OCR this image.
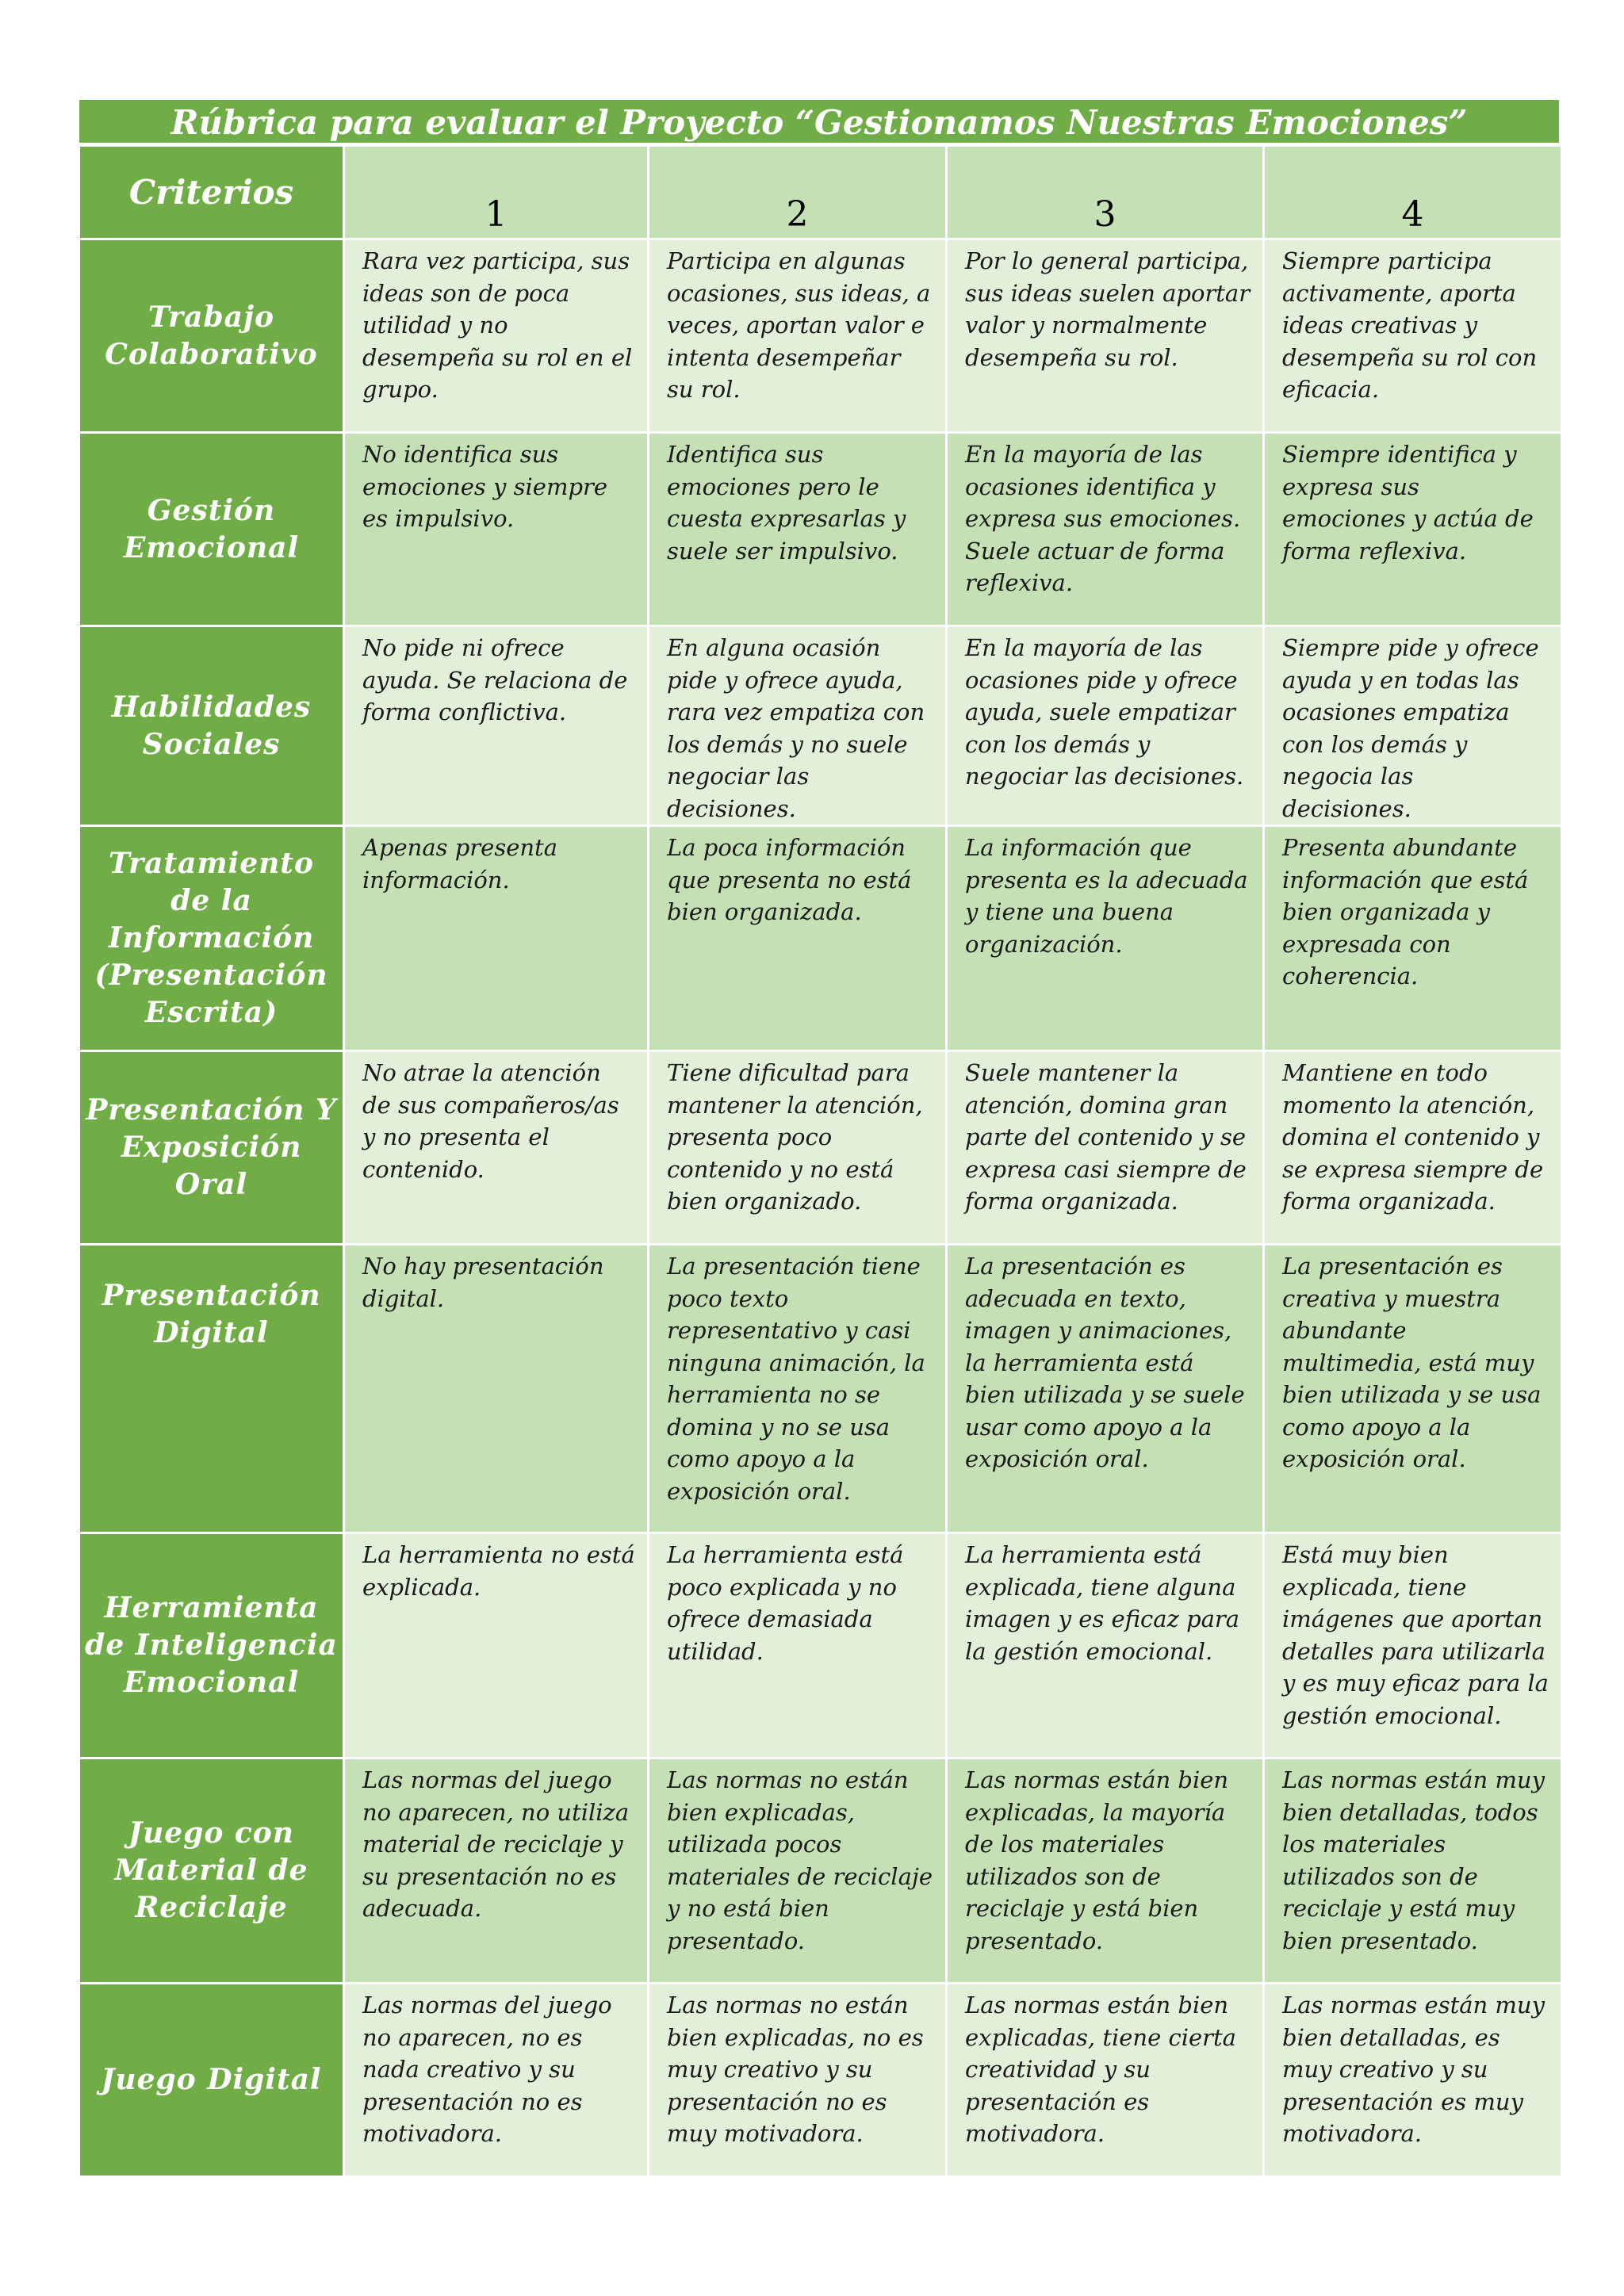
Rúbrica para evaluar el Proyecto “Gestionamos Nuestras Emociones”
Criterios	1	2	3	4
Trabajo Colaborativo	Rara vez participa, sus ideas son de poca utilidad y no desempeña su rol en el grupo.	Participa en algunas ocasiones, sus ideas, a veces, aportan valor e intenta desempeñar su rol.	Por lo general participa, sus ideas suelen aportar valor y normalmente desempeña su rol.	Siempre participa activamente, aporta ideas creativas y desempeña su rol con eficacia.
Gestión Emocional	No identifica sus emociones y siempre es impulsivo.	Identifica sus emociones pero le cuesta expresarlas y suele ser impulsivo.	En la mayoría de las ocasiones identifica y expresa sus emociones. Suele actuar de forma reflexiva.	Siempre identifica y expresa sus emociones y actúa de forma reflexiva.
Habilidades Sociales	No pide ni ofrece ayuda. Se relaciona de forma conflictiva.	En alguna ocasión pide y ofrece ayuda, rara vez empatiza con los demás y no suele negociar las decisiones.	En la mayoría de las ocasiones pide y ofrece ayuda, suele empatizar con los demás y negociar las decisiones.	Siempre pide y ofrece ayuda y en todas las ocasiones empatiza con los demás y negocia las decisiones.
Tratamiento de la Información (Presentación Escrita)	Apenas presenta información.	La poca información que presenta no está bien organizada.	La información que presenta es la adecuada y tiene una buena organización.	Presenta abundante información que está bien organizada y expresada con coherencia.
Presentación Y Exposición Oral	No atrae la atención de sus compañeros/as y no presenta el contenido.	Tiene dificultad para mantener la atención, presenta poco contenido y no está bien organizado.	Suele mantener la atención, domina gran parte del contenido y se expresa casi siempre de forma organizada.	Mantiene en todo momento la atención, domina el contenido y se expresa siempre de forma organizada.
Presentación Digital	No hay presentación digital.	La presentación tiene poco texto representativo y casi ninguna animación, la herramienta no se domina y no se usa como apoyo a la exposición oral.	La presentación es adecuada en texto, imagen y animaciones, la herramienta está bien utilizada y se suele usar como apoyo a la exposición oral.	La presentación es creativa y muestra abundante multimedia, está muy bien utilizada y se usa como apoyo a la exposición oral.
Herramienta de Inteligencia Emocional	La herramienta no está explicada.	La herramienta está poco explicada y no ofrece demasiada utilidad.	La herramienta está explicada, tiene alguna imagen y es eficaz para la gestión emocional.	Está muy bien explicada, tiene imágenes que aportan detalles para utilizarla y es muy eficaz para la gestión emocional.
Juego con Material de Reciclaje	Las normas del juego no aparecen, no utiliza material de reciclaje y su presentación no es adecuada.	Las normas no están bien explicadas, utilizada pocos materiales de reciclaje y no está bien presentado.	Las normas están bien explicadas, la mayoría de los materiales utilizados son de reciclaje y está bien presentado.	Las normas están muy bien detalladas, todos los materiales utilizados son de reciclaje y está muy bien presentado.
Juego Digital	Las normas del juego no aparecen, no es nada creativo y su presentación no es motivadora.	Las normas no están bien explicadas, no es muy creativo y su presentación no es muy motivadora.	Las normas están bien explicadas, tiene cierta creatividad y su presentación es motivadora.	Las normas están muy bien detalladas, es muy creativo y su presentación es muy motivadora.
